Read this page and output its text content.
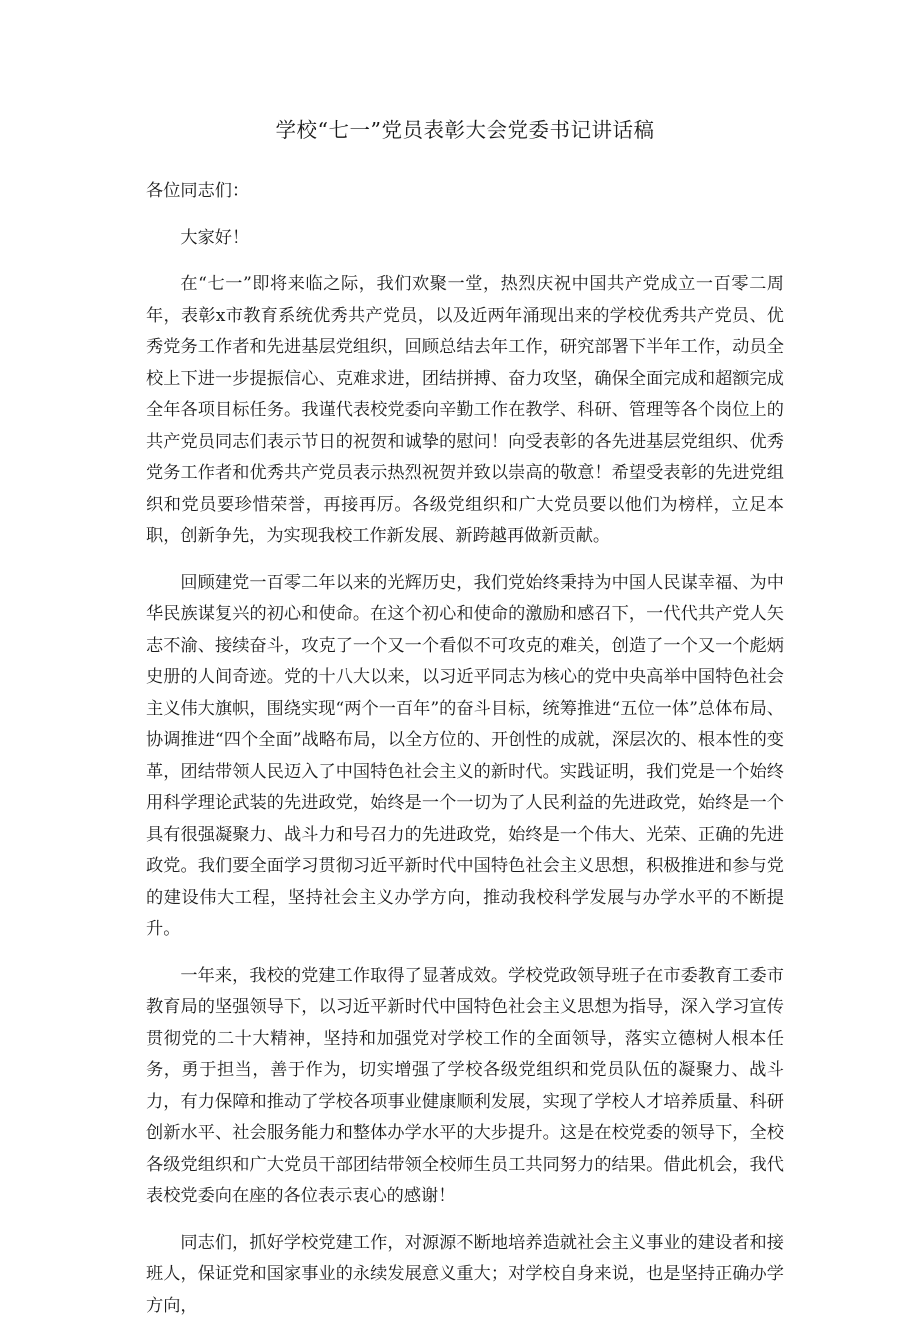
学校“七一”党员表彰大会党委书记讲话稿

各位同志们：

大家好！

在“七一”即将来临之际，我们欢聚一堂，热烈庆祝中国共产党成立一百零二周年，表彰x市教育系统优秀共产党员，以及近两年涌现出来的学校优秀共产党员、优秀党务工作者和先进基层党组织，回顾总结去年工作，研究部署下半年工作，动员全校上下进一步提振信心、克难求进，团结拼搏、奋力攻坚，确保全面完成和超额完成全年各项目标任务。我谨代表校党委向辛勤工作在教学、科研、管理等各个岗位上的共产党员同志们表示节日的祝贺和诚挚的慰问！向受表彰的各先进基层党组织、优秀党务工作者和优秀共产党员表示热烈祝贺并致以崇高的敬意！希望受表彰的先进党组织和党员要珍惜荣誉，再接再厉。各级党组织和广大党员要以他们为榜样，立足本职，创新争先，为实现我校工作新发展、新跨越再做新贡献。

回顾建党一百零二年以来的光辉历史，我们党始终秉持为中国人民谋幸福、为中华民族谋复兴的初心和使命。在这个初心和使命的激励和感召下，一代代共产党人矢志不渝、接续奋斗，攻克了一个又一个看似不可攻克的难关，创造了一个又一个彪炳史册的人间奇迹。党的十八大以来，以习近平同志为核心的党中央高举中国特色社会主义伟大旗帜，围绕实现“两个一百年”的奋斗目标，统筹推进“五位一体”总体布局、协调推进“四个全面”战略布局，以全方位的、开创性的成就，深层次的、根本性的变革，团结带领人民迈入了中国特色社会主义的新时代。实践证明，我们党是一个始终用科学理论武装的先进政党，始终是一个一切为了人民利益的先进政党，始终是一个具有很强凝聚力、战斗力和号召力的先进政党，始终是一个伟大、光荣、正确的先进政党。我们要全面学习贯彻习近平新时代中国特色社会主义思想，积极推进和参与党的建设伟大工程，坚持社会主义办学方向，推动我校科学发展与办学水平的不断提升。

一年来，我校的党建工作取得了显著成效。学校党政领导班子在市委教育工委市教育局的坚强领导下，以习近平新时代中国特色社会主义思想为指导，深入学习宣传贯彻党的二十大精神，坚持和加强党对学校工作的全面领导，落实立德树人根本任务，勇于担当，善于作为，切实增强了学校各级党组织和党员队伍的凝聚力、战斗力，有力保障和推动了学校各项事业健康顺利发展，实现了学校人才培养质量、科研创新水平、社会服务能力和整体办学水平的大步提升。这是在校党委的领导下，全校各级党组织和广大党员干部团结带领全校师生员工共同努力的结果。借此机会，我代表校党委向在座的各位表示衷心的感谢！

同志们，抓好学校党建工作，对源源不断地培养造就社会主义事业的建设者和接班人，保证党和国家事业的永续发展意义重大；对学校自身来说，也是坚持正确办学方向，
